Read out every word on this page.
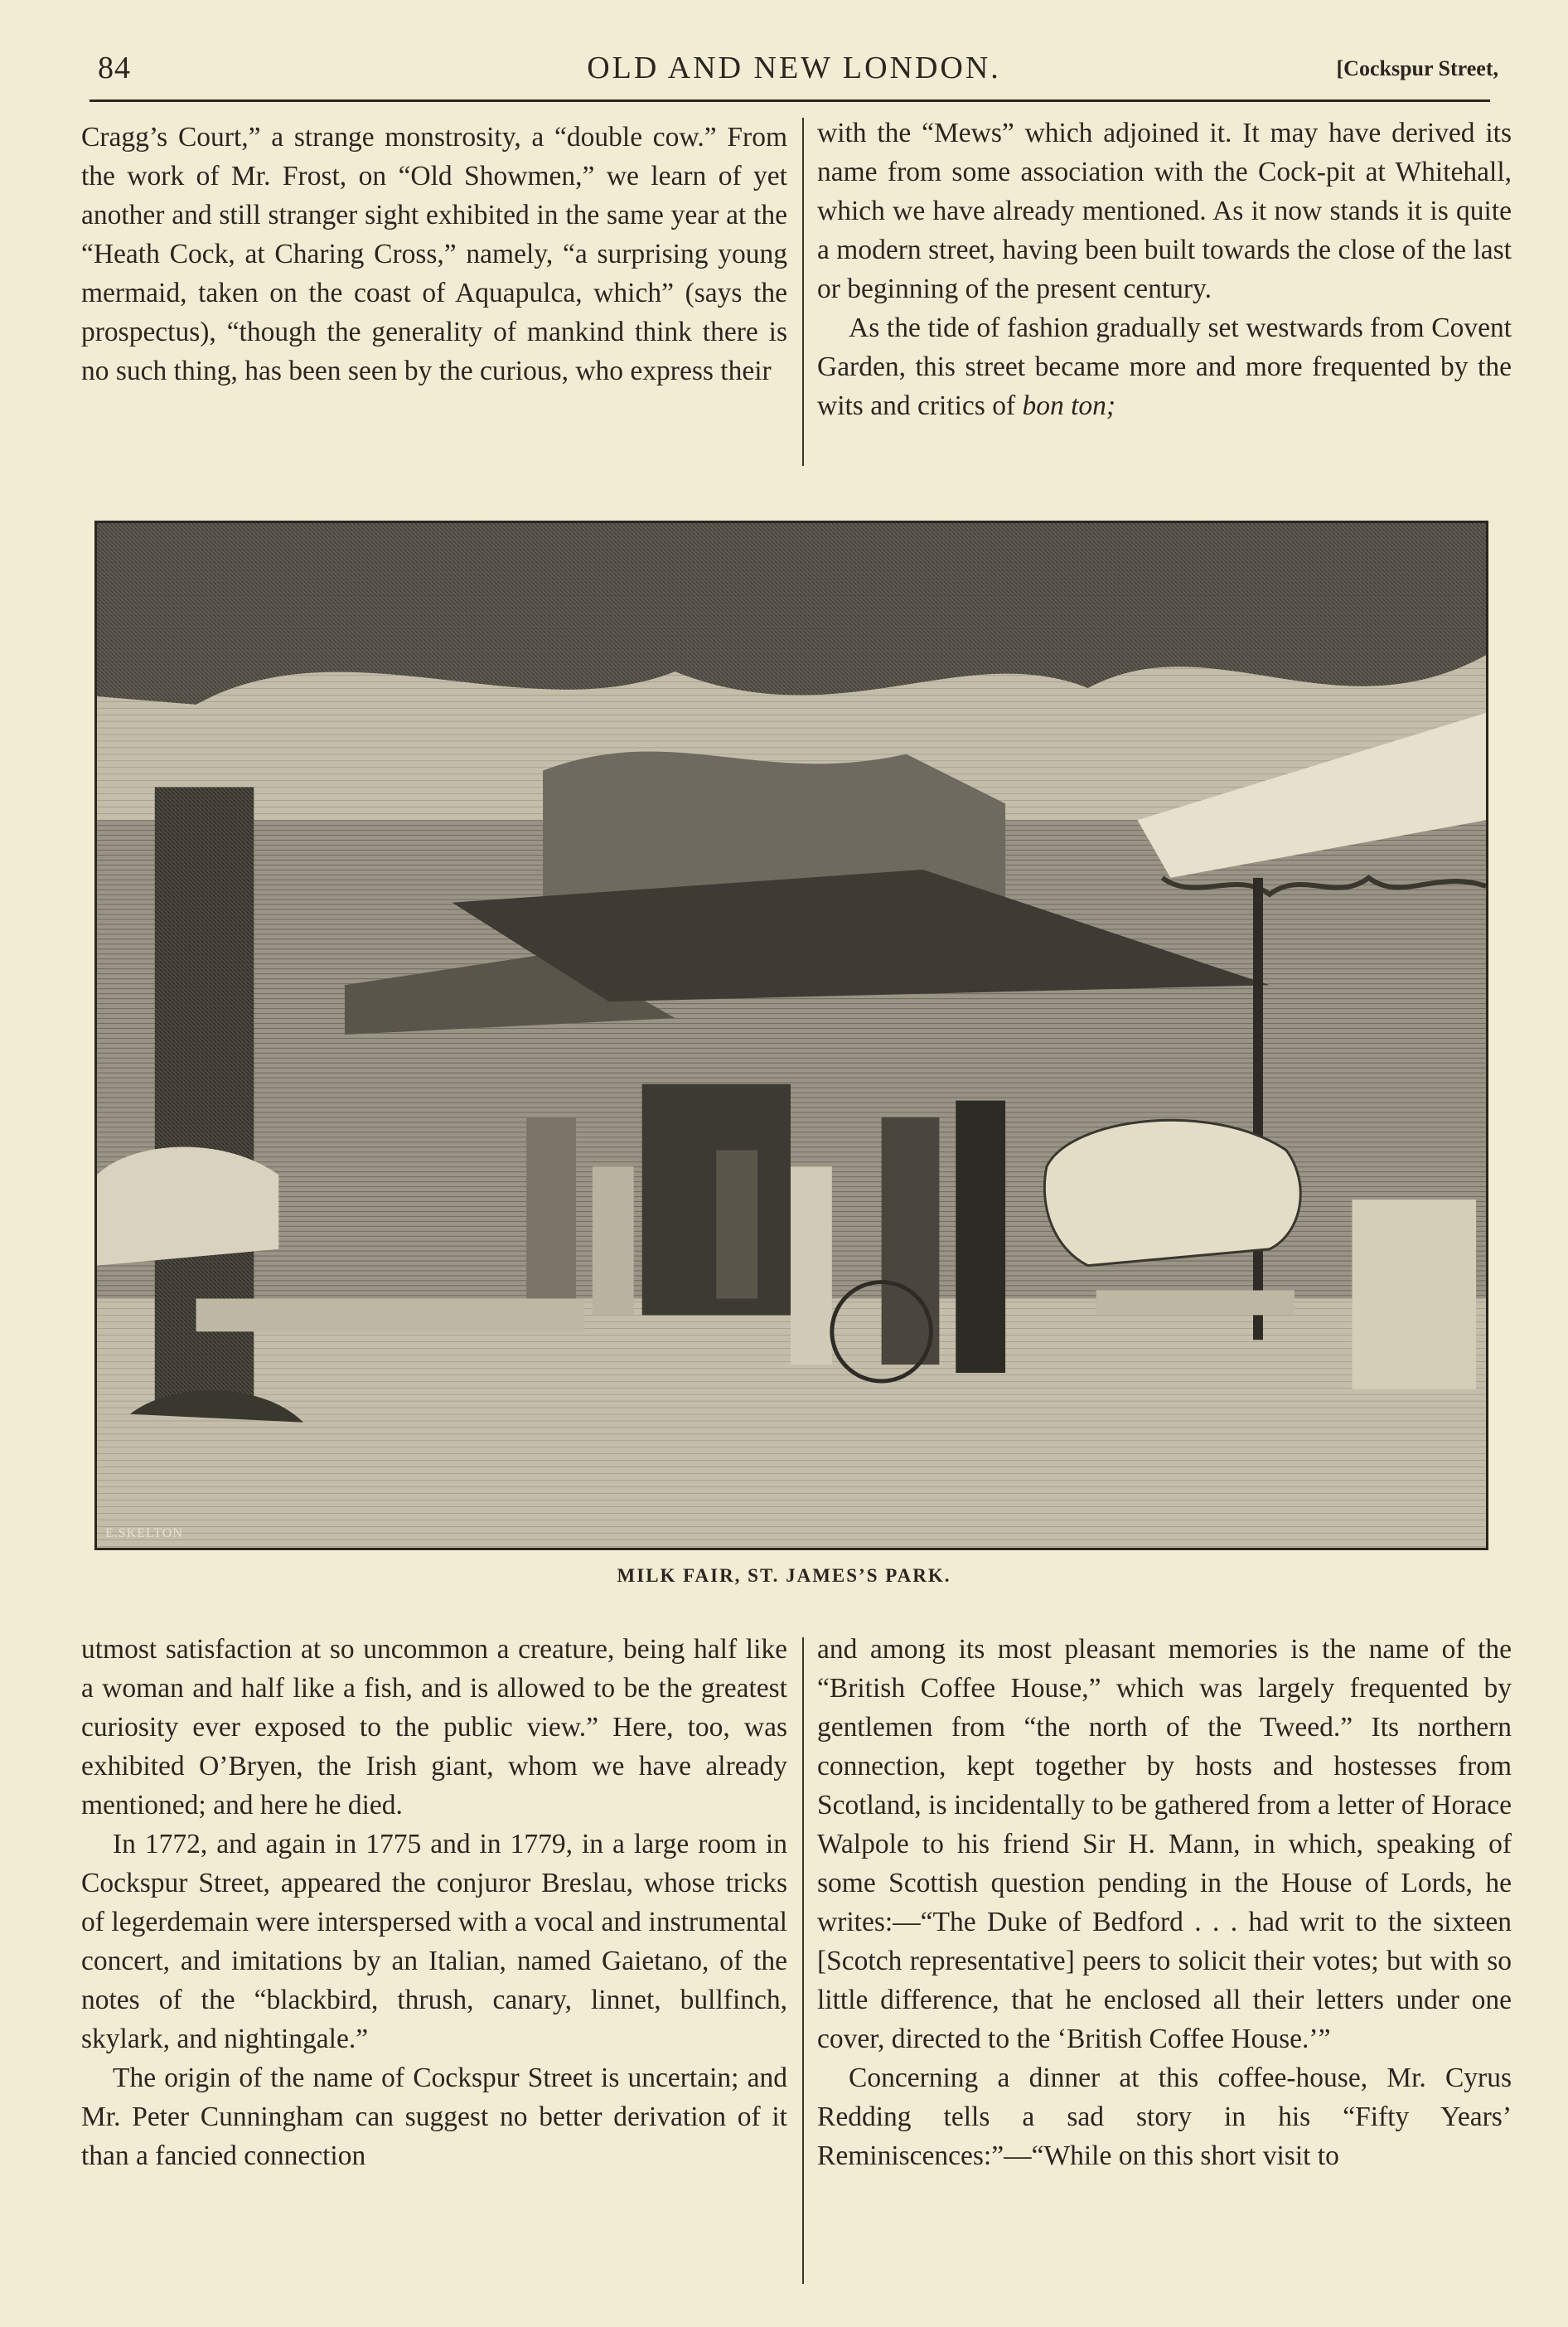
84	OLD AND NEW LONDON.	[Cockspur Street,

Cragg’s Court,” a strange monstrosity, a “double cow.” From the work of Mr. Frost, on “Old Showmen,” we learn of yet another and still stranger sight exhibited in the same year at the “Heath Cock, at Charing Cross,” namely, “a surprising young mermaid, taken on the coast of Aquapulca, which” (says the prospectus), “though the generality of mankind think there is no such thing, has been seen by the curious, who express their

with the “Mews” which adjoined it. It may have derived its name from some association with the Cock-pit at Whitehall, which we have already mentioned. As it now stands it is quite a modern street, having been built towards the close of the last or beginning of the present century.

As the tide of fashion gradually set westwards from Covent Garden, this street became more and more frequented by the wits and critics of bon ton;

E.SKELTON
MILK FAIR, ST. JAMES’S PARK.

utmost satisfaction at so uncommon a creature, being half like a woman and half like a fish, and is allowed to be the greatest curiosity ever exposed to the public view.” Here, too, was exhibited O’Bryen, the Irish giant, whom we have already mentioned; and here he died.

In 1772, and again in 1775 and in 1779, in a large room in Cockspur Street, appeared the conjuror Breslau, whose tricks of legerdemain were interspersed with a vocal and instrumental concert, and imitations by an Italian, named Gaietano, of the notes of the “blackbird, thrush, canary, linnet, bullfinch, skylark, and nightingale.”

The origin of the name of Cockspur Street is uncertain; and Mr. Peter Cunningham can suggest no better derivation of it than a fancied connection

and among its most pleasant memories is the name of the “British Coffee House,” which was largely frequented by gentlemen from “the north of the Tweed.” Its northern connection, kept together by hosts and hostesses from Scotland, is incidentally to be gathered from a letter of Horace Walpole to his friend Sir H. Mann, in which, speaking of some Scottish question pending in the House of Lords, he writes:—“The Duke of Bedford . . . had writ to the sixteen [Scotch representative] peers to solicit their votes; but with so little difference, that he enclosed all their letters under one cover, directed to the ‘British Coffee House.’”

Concerning a dinner at this coffee-house, Mr. Cyrus Redding tells a sad story in his “Fifty Years’ Reminiscences:”—“While on this short visit to
